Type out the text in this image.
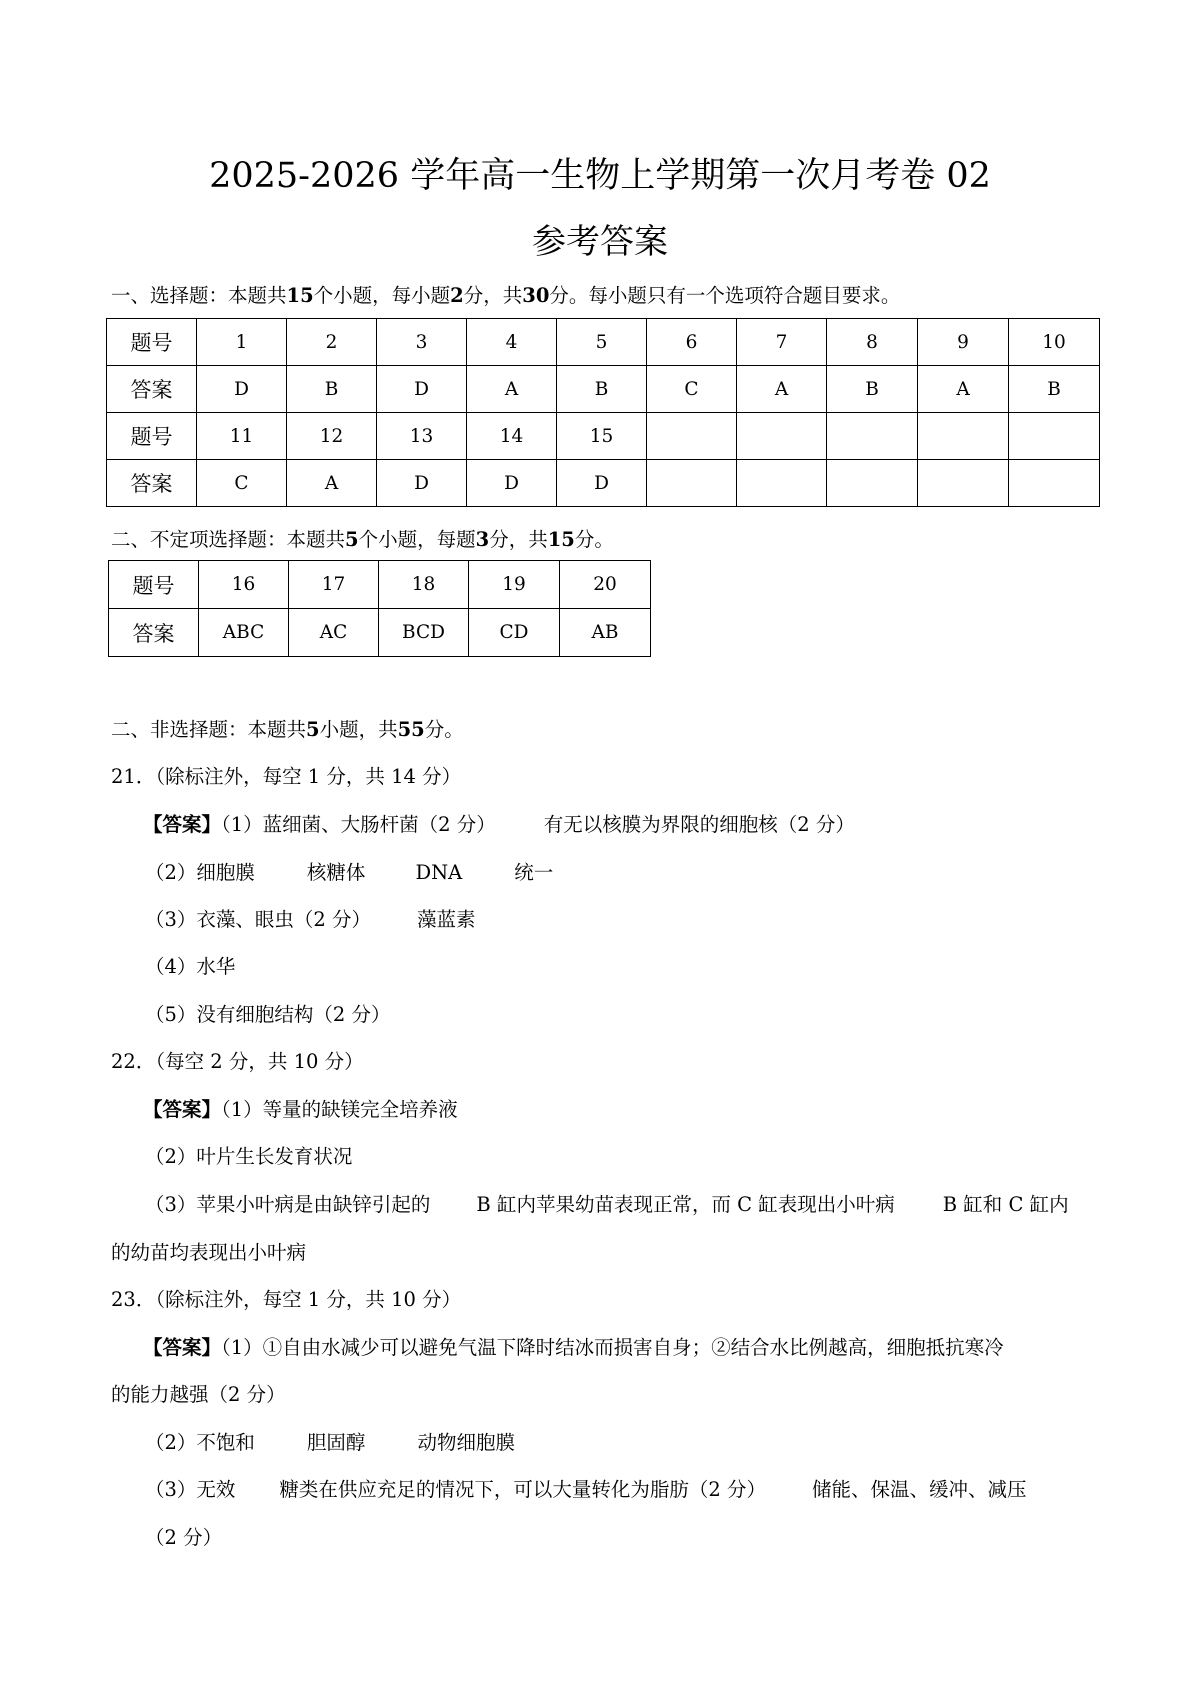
2025-2026 学年高一生物上学期第一次月考卷 02
参考答案
一、选择题：本题共15个小题，每小题2分，共30分。每小题只有一个选项符合题目要求。
题号	1	2	3	4	5	6	7	8	9	10
答案	D	B	D	A	B	C	A	B	A	B
题号	11	12	13	14	15					
答案	C	A	D	D	D					
二、不定项选择题：本题共5个小题，每题3分，共15分。
题号	16	17	18	19	20
答案	ABC	AC	BCD	CD	AB
二、非选择题：本题共5小题，共55分。
21．（除标注外，每空 1 分，共 14 分）
【答案】（1）蓝细菌、大肠杆菌（2 分） 有无以核膜为界限的细胞核（2 分）
（2）细胞膜	核糖体	DNA	统一
（3）衣藻、眼虫（2 分） 藻蓝素
（4）水华
（5）没有细胞结构（2 分）
22．（每空 2 分，共 10 分）
【答案】（1）等量的缺镁完全培养液
（2）叶片生长发育状况
（3）苹果小叶病是由缺锌引起的 B 缸内苹果幼苗表现正常，而 C 缸表现出小叶病 B 缸和 C 缸内
的幼苗均表现出小叶病
23．（除标注外，每空 1 分，共 10 分）
【答案】（1）①自由水减少可以避免气温下降时结冰而损害自身；②结合水比例越高，细胞抵抗寒冷
的能力越强（2 分）
（2）不饱和	胆固醇	动物细胞膜
（3）无效 糖类在供应充足的情况下，可以大量转化为脂肪（2 分） 储能、保温、缓冲、减压
（2 分）
